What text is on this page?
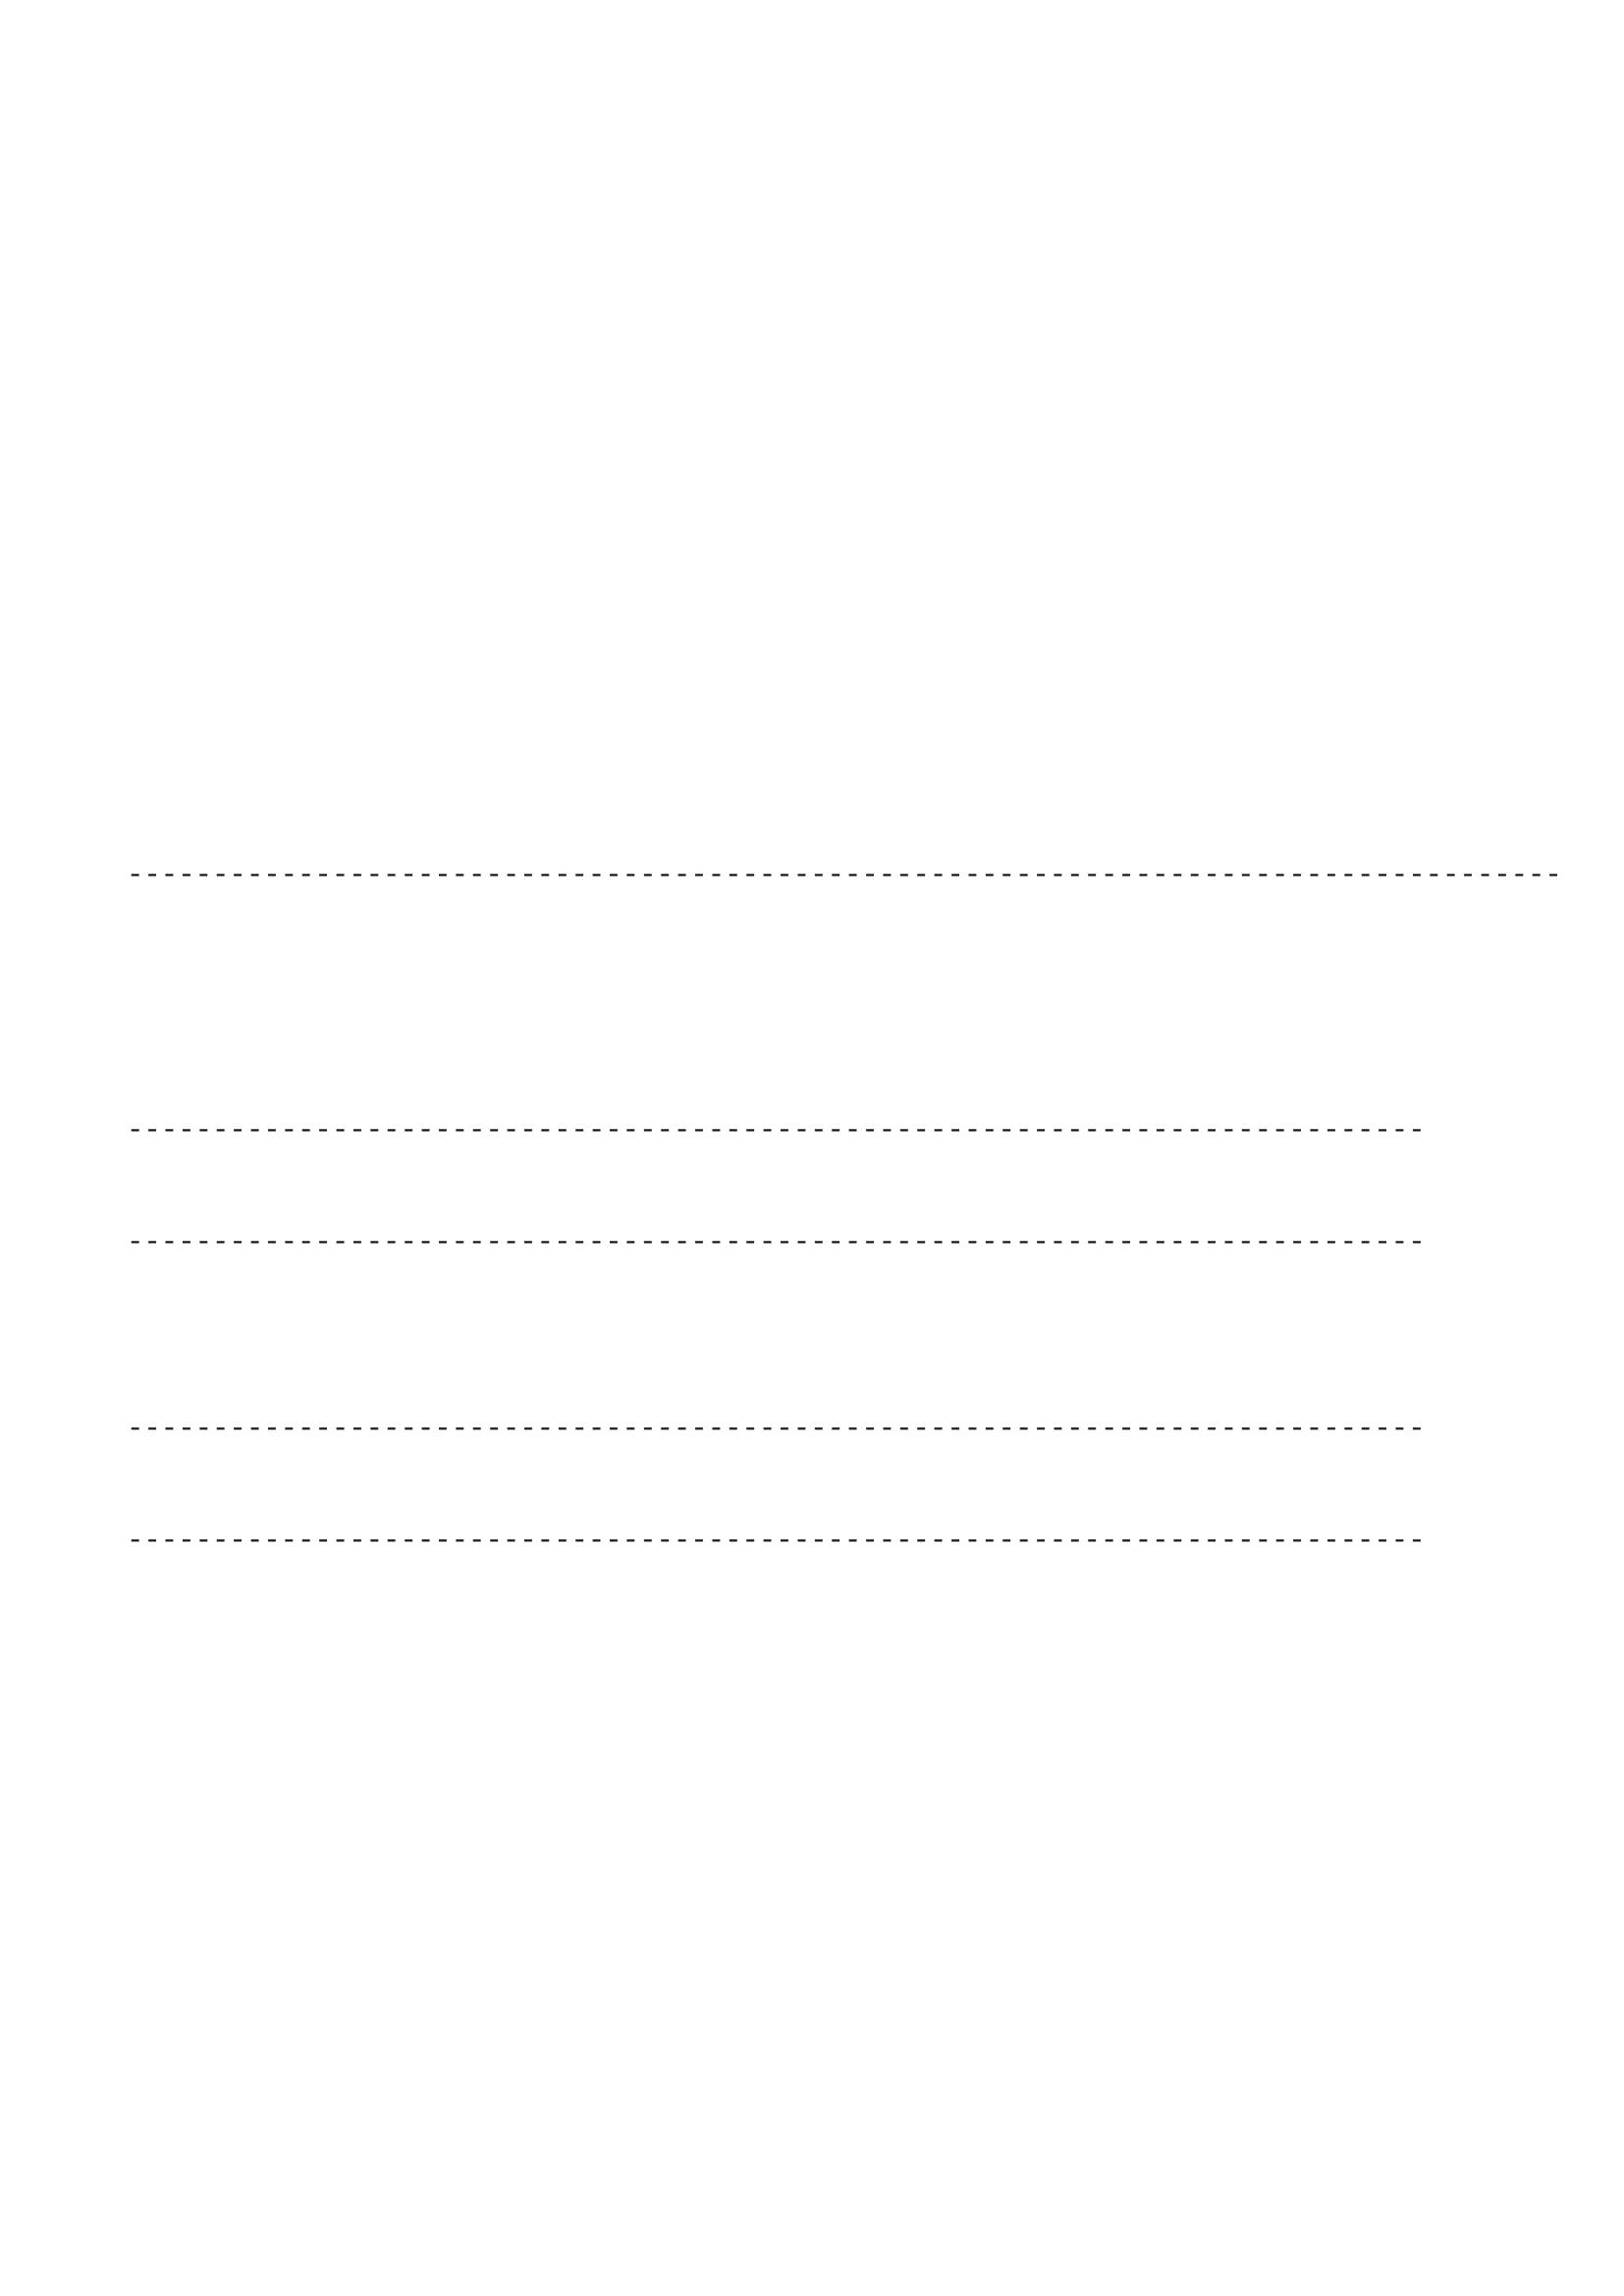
------------------------------------------------------------------------------------
----------------------------------------------------------------------------
----------------------------------------------------------------------------

----------------------------------------------------------------------------
----------------------------------------------------------------------------
